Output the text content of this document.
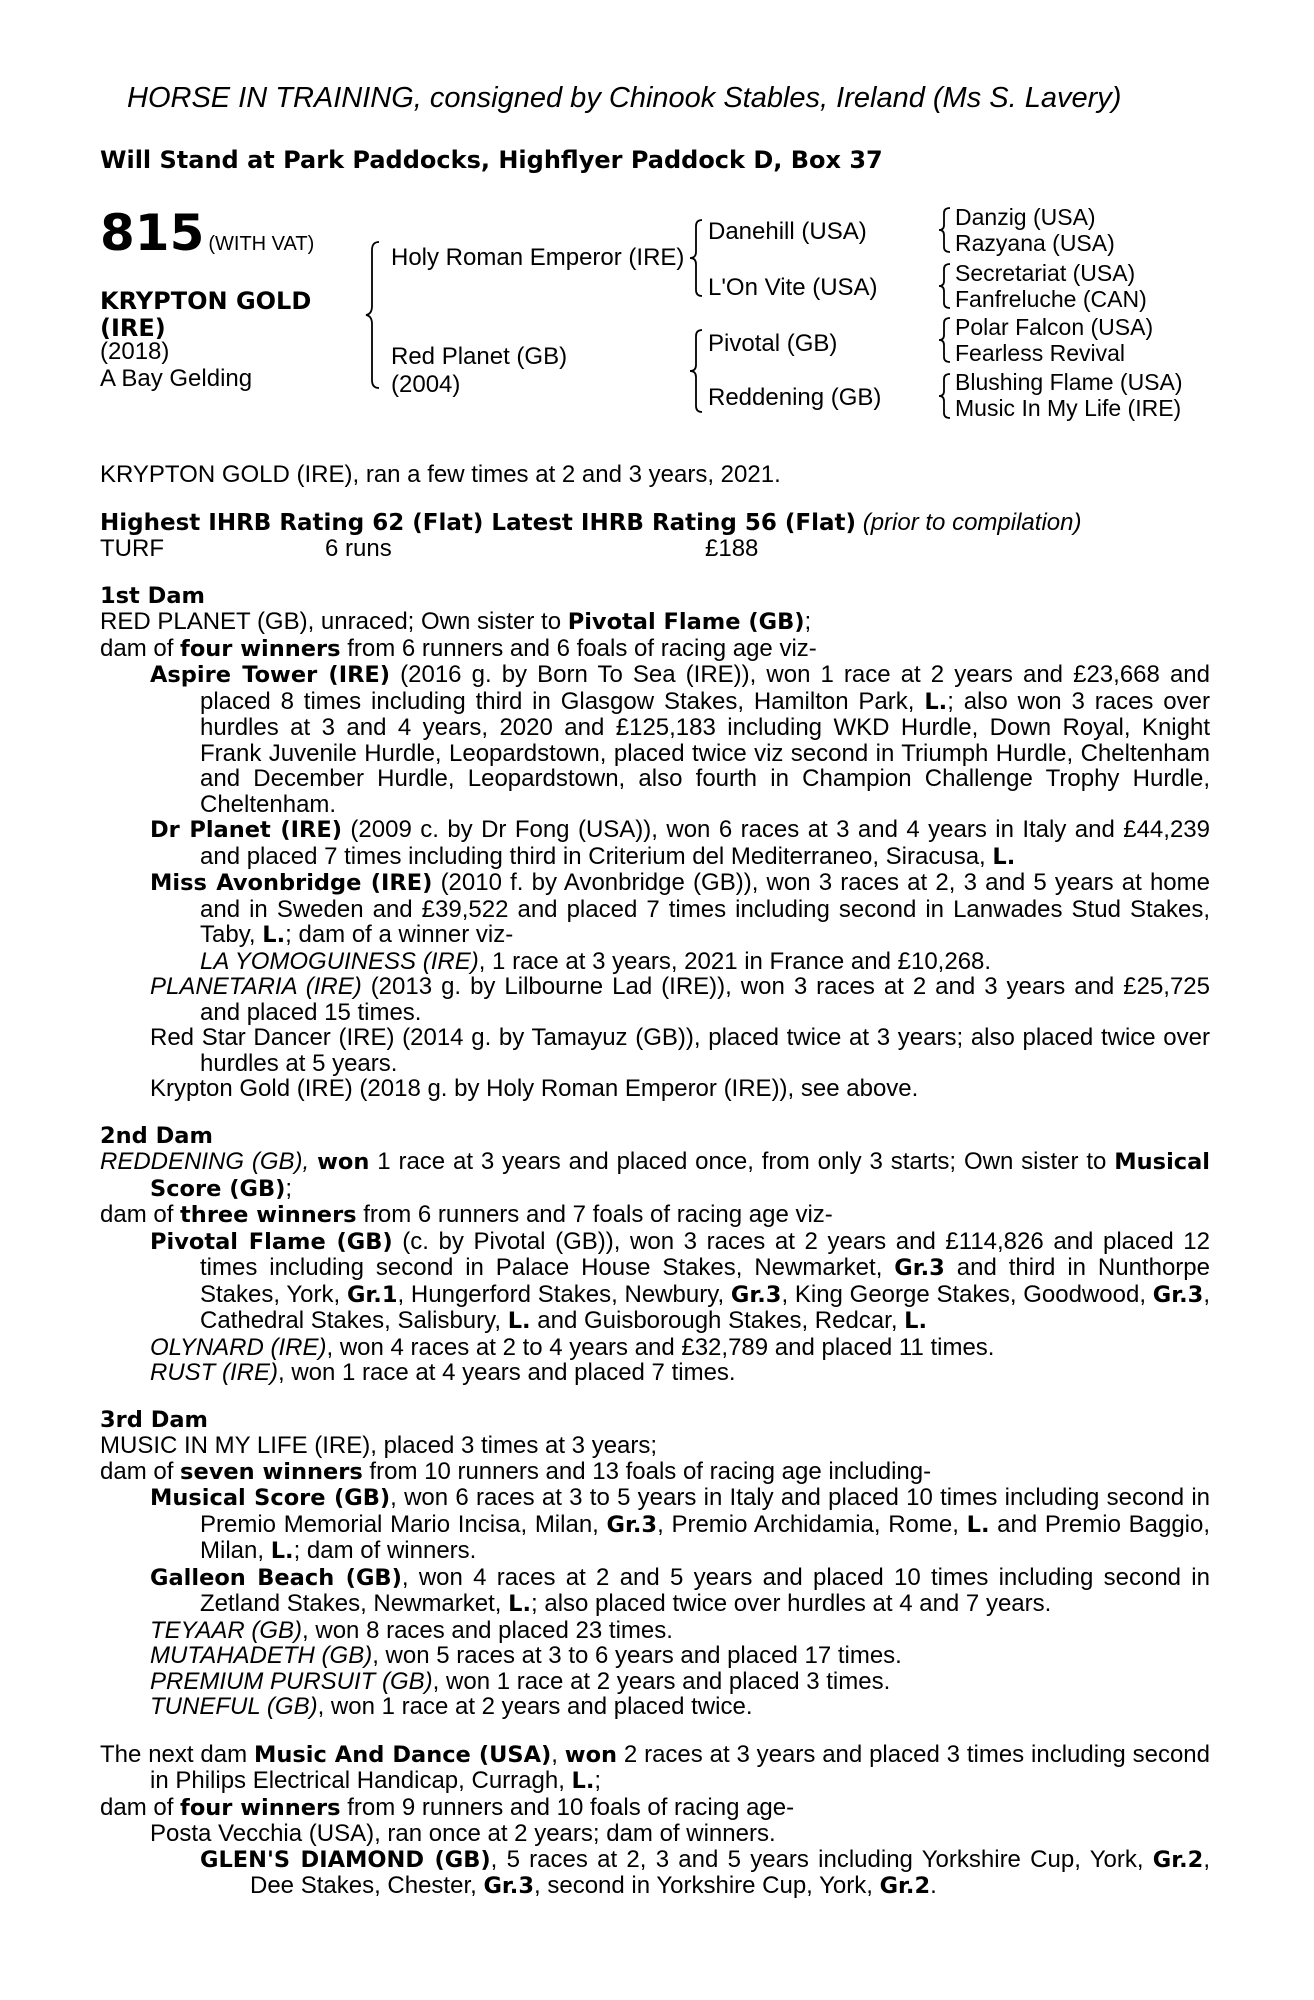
HORSE IN TRAINING, consigned by Chinook Stables, Ireland (Ms S. Lavery)
Will Stand at Park Paddocks, Highflyer Paddock D, Box 37
815 (WITH VAT)
KRYPTON GOLD
(IRE)
(2018)
A Bay Gelding
Holy Roman Emperor (IRE)
Red Planet (GB)
(2004)
Danehill (USA)
L'On Vite (USA)
Pivotal (GB)
Reddening (GB)
Danzig (USA)
Razyana (USA)
Secretariat (USA)
Fanfreluche (CAN)
Polar Falcon (USA)
Fearless Revival
Blushing Flame (USA)
Music In My Life (IRE)

KRYPTON GOLD (IRE), ran a few times at 2 and 3 years, 2021.

Highest IHRB Rating 62 (Flat) Latest IHRB Rating 56 (Flat) (prior to compilation)

TURF	6 runs	£188

1st Dam

RED PLANET (GB), unraced; Own sister to Pivotal Flame (GB);

dam of four winners from 6 runners and 6 foals of racing age viz-

Aspire Tower (IRE) (2016 g. by Born To Sea (IRE)), won 1 race at 2 years and £23,668 and placed 8 times including third in Glasgow Stakes, Hamilton Park, L.; also won 3 races over hurdles at 3 and 4 years, 2020 and £125,183 including WKD Hurdle, Down Royal, Knight Frank Juvenile Hurdle, Leopardstown, placed twice viz second in Triumph Hurdle, Cheltenham and December Hurdle, Leopardstown, also fourth in Champion Challenge Trophy Hurdle, Cheltenham.

Dr Planet (IRE) (2009 c. by Dr Fong (USA)), won 6 races at 3 and 4 years in Italy and £44,239 and placed 7 times including third in Criterium del Mediterraneo, Siracusa, L.

Miss Avonbridge (IRE) (2010 f. by Avonbridge (GB)), won 3 races at 2, 3 and 5 years at home and in Sweden and £39,522 and placed 7 times including second in Lanwades Stud Stakes, Taby, L.; dam of a winner viz-

LA YOMOGUINESS (IRE), 1 race at 3 years, 2021 in France and £10,268.

PLANETARIA (IRE) (2013 g. by Lilbourne Lad (IRE)), won 3 races at 2 and 3 years and £25,725 and placed 15 times.

Red Star Dancer (IRE) (2014 g. by Tamayuz (GB)), placed twice at 3 years; also placed twice over hurdles at 5 years.

Krypton Gold (IRE) (2018 g. by Holy Roman Emperor (IRE)), see above.

2nd Dam

REDDENING (GB), won 1 race at 3 years and placed once, from only 3 starts; Own sister to Musical Score (GB);

dam of three winners from 6 runners and 7 foals of racing age viz-

Pivotal Flame (GB) (c. by Pivotal (GB)), won 3 races at 2 years and £114,826 and placed 12 times including second in Palace House Stakes, Newmarket, Gr.3 and third in Nunthorpe Stakes, York, Gr.1, Hungerford Stakes, Newbury, Gr.3, King George Stakes, Goodwood, Gr.3, Cathedral Stakes, Salisbury, L. and Guisborough Stakes, Redcar, L.

OLYNARD (IRE), won 4 races at 2 to 4 years and £32,789 and placed 11 times.

RUST (IRE), won 1 race at 4 years and placed 7 times.

3rd Dam

MUSIC IN MY LIFE (IRE), placed 3 times at 3 years;

dam of seven winners from 10 runners and 13 foals of racing age including-

Musical Score (GB), won 6 races at 3 to 5 years in Italy and placed 10 times including second in Premio Memorial Mario Incisa, Milan, Gr.3, Premio Archidamia, Rome, L. and Premio Baggio, Milan, L.; dam of winners.

Galleon Beach (GB), won 4 races at 2 and 5 years and placed 10 times including second in Zetland Stakes, Newmarket, L.; also placed twice over hurdles at 4 and 7 years.

TEYAAR (GB), won 8 races and placed 23 times.

MUTAHADETH (GB), won 5 races at 3 to 6 years and placed 17 times.

PREMIUM PURSUIT (GB), won 1 race at 2 years and placed 3 times.

TUNEFUL (GB), won 1 race at 2 years and placed twice.

The next dam Music And Dance (USA), won 2 races at 3 years and placed 3 times including second in Philips Electrical Handicap, Curragh, L.;

dam of four winners from 9 runners and 10 foals of racing age-

Posta Vecchia (USA), ran once at 2 years; dam of winners.

GLEN'S DIAMOND (GB), 5 races at 2, 3 and 5 years including Yorkshire Cup, York, Gr.2, Dee Stakes, Chester, Gr.3, second in Yorkshire Cup, York, Gr.2.
